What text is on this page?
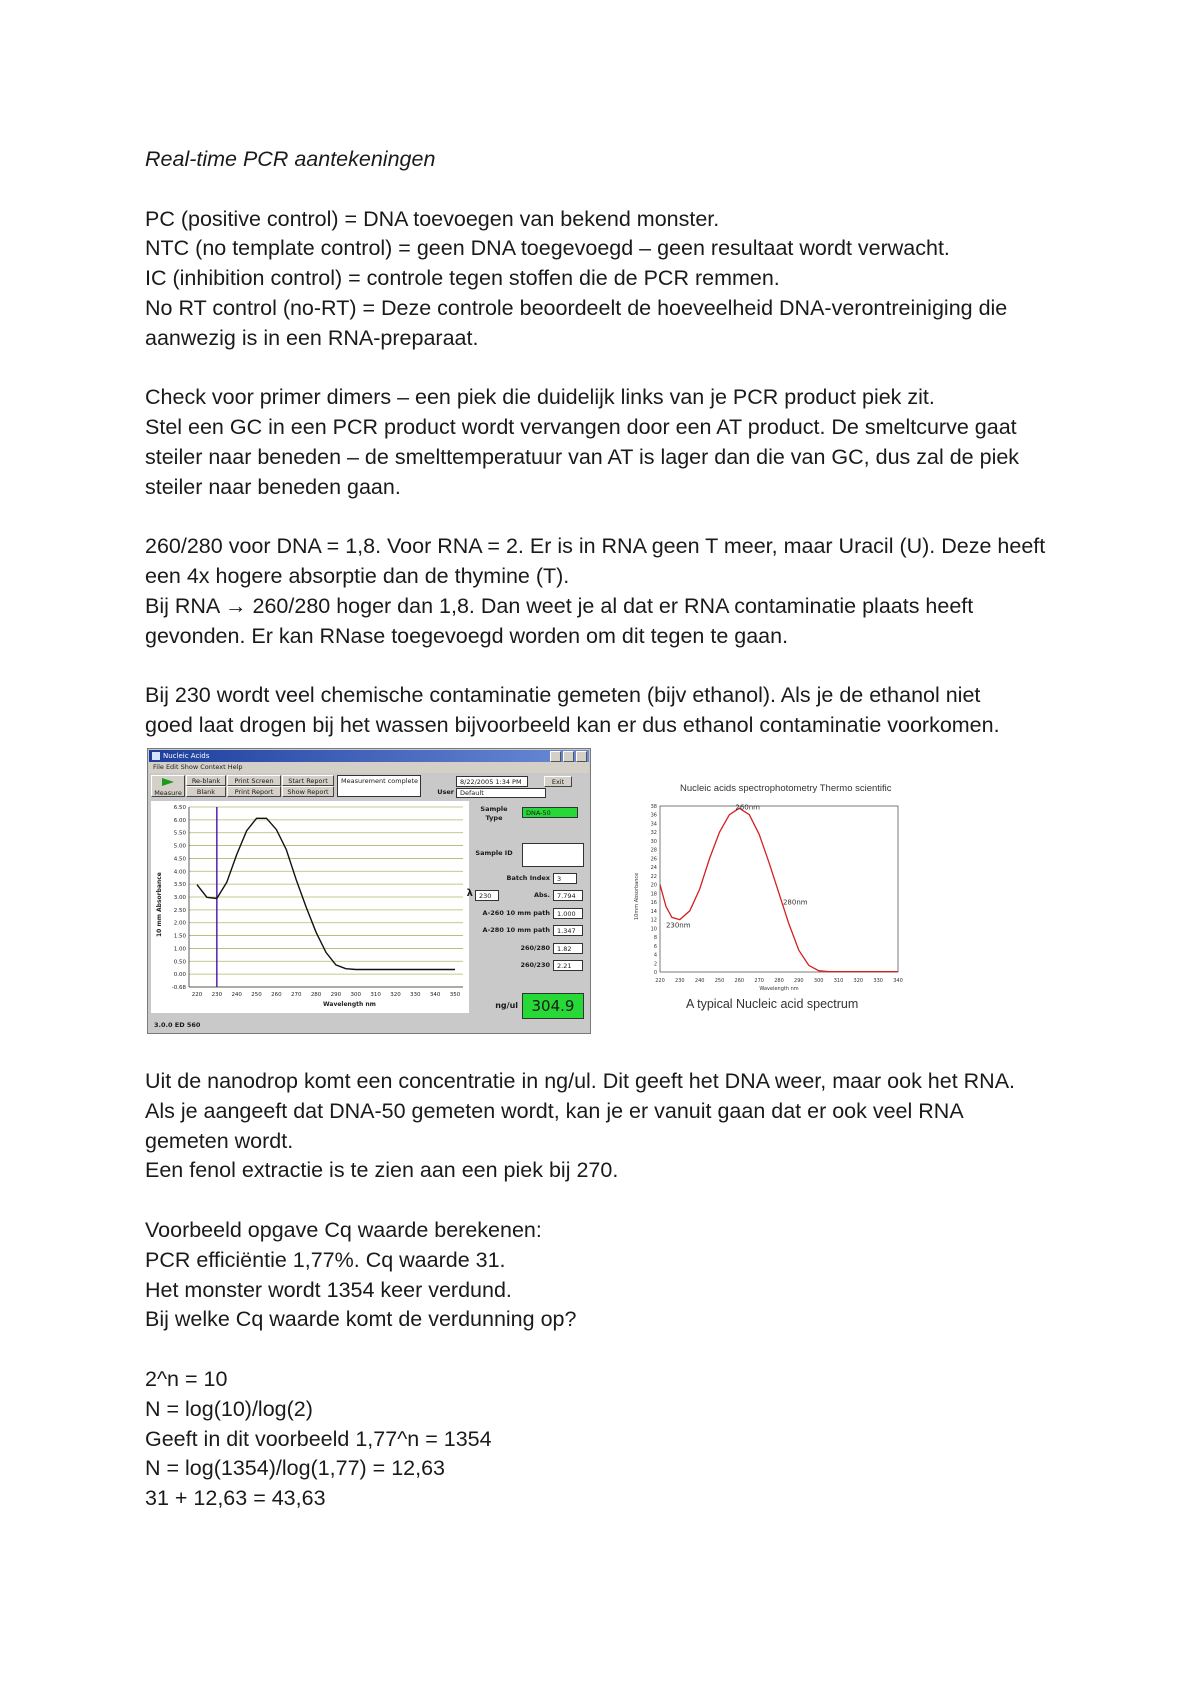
Real-time PCR aantekeningen

PC (positive control) = DNA toevoegen van bekend monster.

NTC (no template control) = geen DNA toegevoegd – geen resultaat wordt verwacht.

IC (inhibition control) = controle tegen stoffen die de PCR remmen.

No RT control (no-RT) = Deze controle beoordeelt de hoeveelheid DNA-verontreiniging die

aanwezig is in een RNA-preparaat.

Check voor primer dimers – een piek die duidelijk links van je PCR product piek zit.

Stel een GC in een PCR product wordt vervangen door een AT product. De smeltcurve gaat

steiler naar beneden – de smelttemperatuur van AT is lager dan die van GC, dus zal de piek

steiler naar beneden gaan.

260/280 voor DNA = 1,8. Voor RNA = 2. Er is in RNA geen T meer, maar Uracil (U). Deze heeft

een 4x hogere absorptie dan de thymine (T).

Bij RNA → 260/280 hoger dan 1,8. Dan weet je al dat er RNA contaminatie plaats heeft

gevonden. Er kan RNase toegevoegd worden om dit tegen te gaan.

Bij 230 wordt veel chemische contaminatie gemeten (bijv ethanol). Als je de ethanol niet

goed laat drogen bij het wassen bijvoorbeeld kan er dus ethanol contaminatie voorkomen.

Nucleic Acids
File Edit Show Context Help

Measure
Re-blank
Blank
Print Screen
Print Report
Start Report
Show Report
Measurement complete	8/22/2005 1:34 PM	Exit
User Default
-0.68
0.00
0.50
1.00
1.50
2.00
2.50
3.00
3.50
4.00
4.50
5.00
5.50
6.00
6.50
220 230 240 250 260 270 280 290 300 310 320 330 340 350
Wavelength nm
10 mm Absorbance
Sample Type
DNA-50
Sample ID
Batch Index	3
λ 230	Abs.	7.794
A-260 10 mm path	1.000
A-280 10 mm path	1.347
260/280	1.82
260/230	2.21
ng/ul 304.9
3.0.0 ED 560
Nucleic acids spectrophotometry Thermo scientific
0
2
4
6
8
10
12
14
16
18
20
22
24
26
28
30
32
34
36
38
220 230 240 250 260 270 280 290 300 310 320 330 340
Wavelength nm
10mm Absorbance
260nm
280nm
230nm
A typical Nucleic acid spectrum

Uit de nanodrop komt een concentratie in ng/ul. Dit geeft het DNA weer, maar ook het RNA.

Als je aangeeft dat DNA-50 gemeten wordt, kan je er vanuit gaan dat er ook veel RNA

gemeten wordt.

Een fenol extractie is te zien aan een piek bij 270.

Voorbeeld opgave Cq waarde berekenen:

PCR efficiëntie 1,77%. Cq waarde 31.

Het monster wordt 1354 keer verdund.

Bij welke Cq waarde komt de verdunning op?

2^n = 10

N = log(10)/log(2)

Geeft in dit voorbeeld 1,77^n = 1354

N = log(1354)/log(1,77) = 12,63

31 + 12,63 = 43,63
